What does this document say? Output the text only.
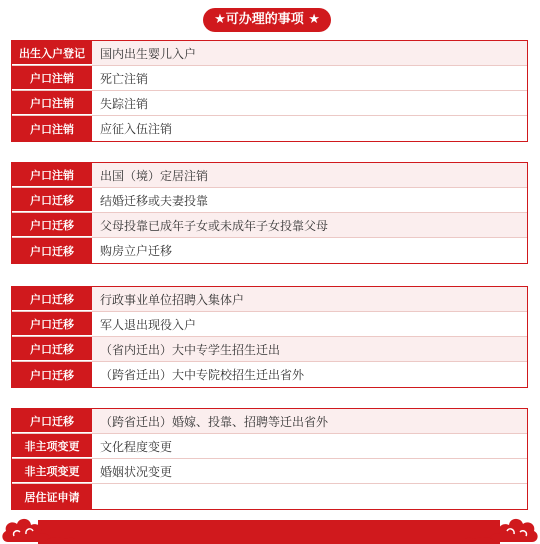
★可办理的事项 ★
出生入户登记	国内出生婴儿入户
户口注销	死亡注销
户口注销	失踪注销
户口注销	应征入伍注销
户口注销	出国（境）定居注销
户口迁移	结婚迁移或夫妻投靠
户口迁移	父母投靠已成年子女或未成年子女投靠父母
户口迁移	购房立户迁移
户口迁移	行政事业单位招聘入集体户
户口迁移	军人退出现役入户
户口迁移	（省内迁出）大中专学生招生迁出
户口迁移	（跨省迁出）大中专院校招生迁出省外
户口迁移	（跨省迁出）婚嫁、投靠、招聘等迁出省外
非主项变更	文化程度变更
非主项变更	婚姻状况变更
居住证申请
